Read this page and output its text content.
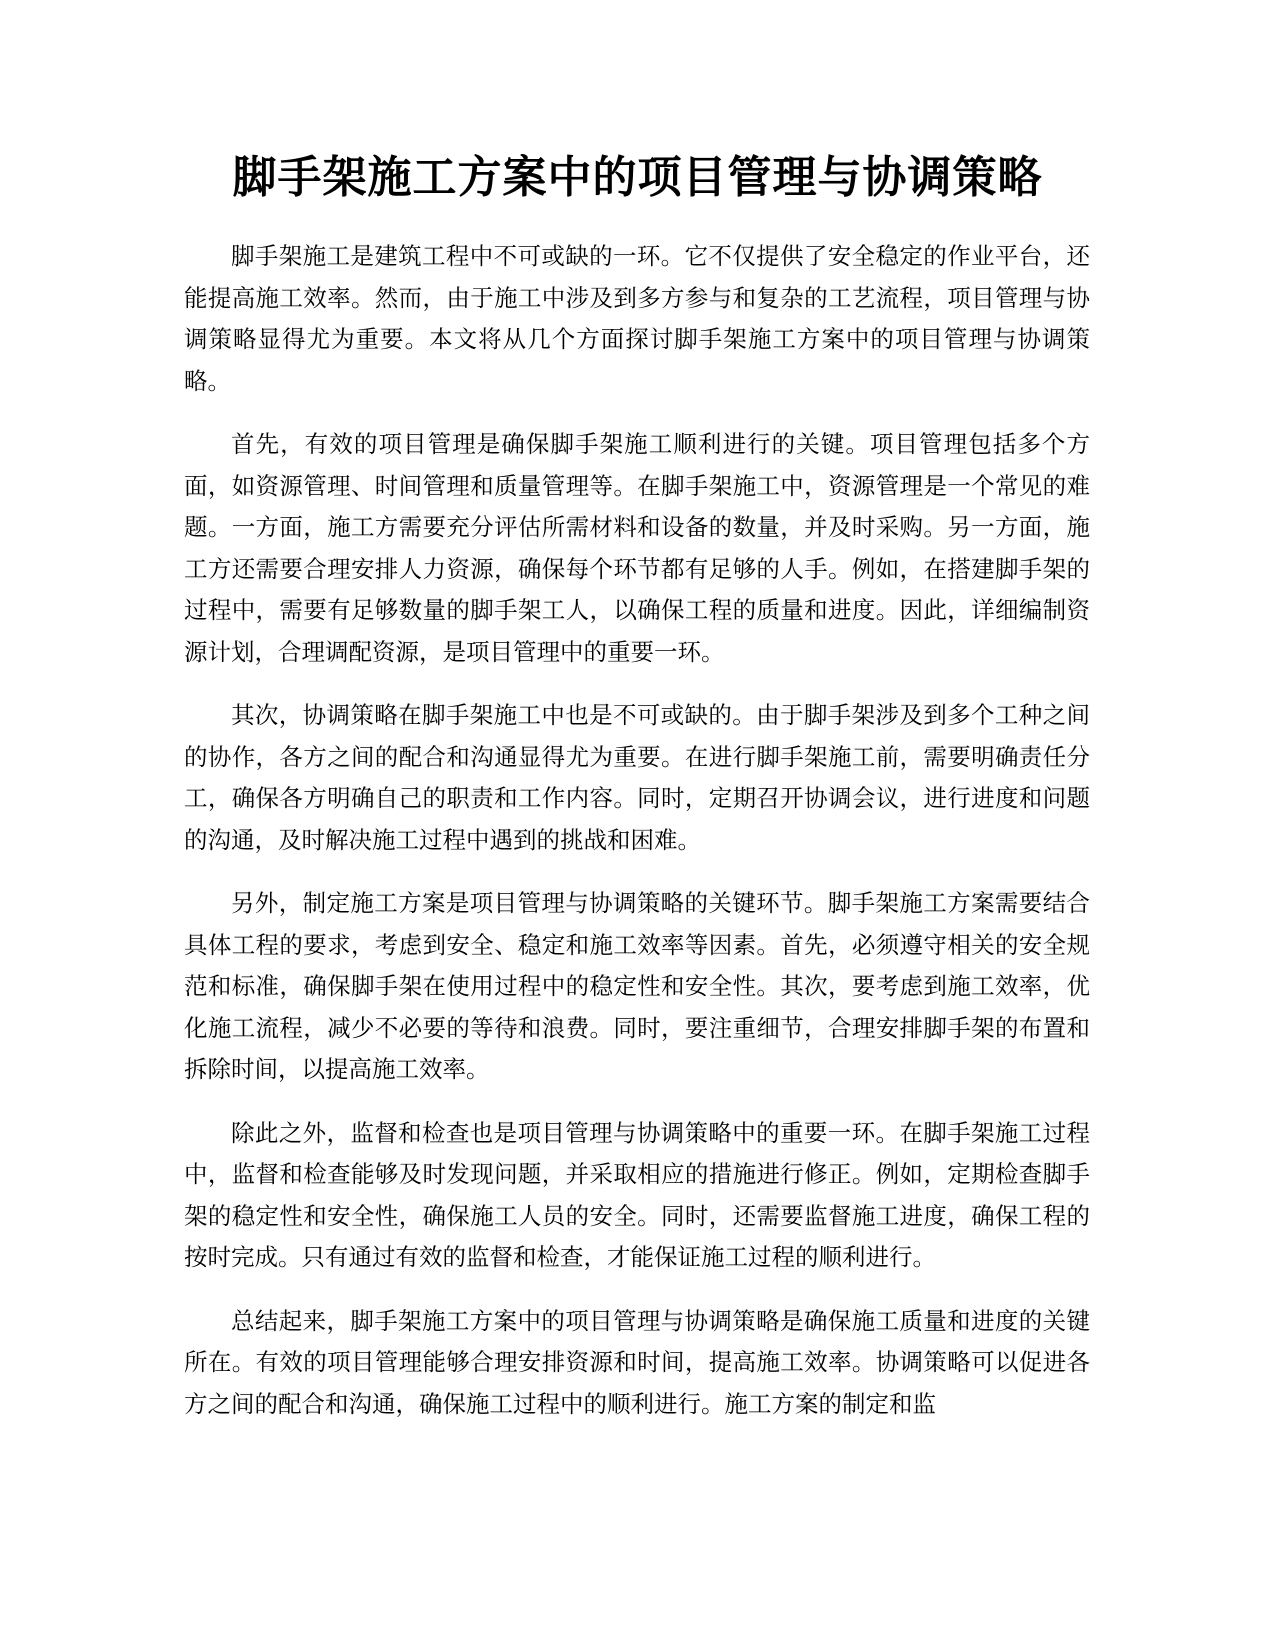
脚手架施工方案中的项目管理与协调策略

脚手架施工是建筑工程中不可或缺的一环。它不仅提供了安全稳定的作业平台，还能提高施工效率。然而，由于施工中涉及到多方参与和复杂的工艺流程，项目管理与协调策略显得尤为重要。本文将从几个方面探讨脚手架施工方案中的项目管理与协调策略。

首先，有效的项目管理是确保脚手架施工顺利进行的关键。项目管理包括多个方面，如资源管理、时间管理和质量管理等。在脚手架施工中，资源管理是一个常见的难题。一方面，施工方需要充分评估所需材料和设备的数量，并及时采购。另一方面，施工方还需要合理安排人力资源，确保每个环节都有足够的人手。例如，在搭建脚手架的过程中，需要有足够数量的脚手架工人，以确保工程的质量和进度。因此，详细编制资源计划，合理调配资源，是项目管理中的重要一环。

其次，协调策略在脚手架施工中也是不可或缺的。由于脚手架涉及到多个工种之间的协作，各方之间的配合和沟通显得尤为重要。在进行脚手架施工前，需要明确责任分工，确保各方明确自己的职责和工作内容。同时，定期召开协调会议，进行进度和问题的沟通，及时解决施工过程中遇到的挑战和困难。

另外，制定施工方案是项目管理与协调策略的关键环节。脚手架施工方案需要结合具体工程的要求，考虑到安全、稳定和施工效率等因素。首先，必须遵守相关的安全规范和标准，确保脚手架在使用过程中的稳定性和安全性。其次，要考虑到施工效率，优化施工流程，减少不必要的等待和浪费。同时，要注重细节，合理安排脚手架的布置和拆除时间，以提高施工效率。

除此之外，监督和检查也是项目管理与协调策略中的重要一环。在脚手架施工过程中，监督和检查能够及时发现问题，并采取相应的措施进行修正。例如，定期检查脚手架的稳定性和安全性，确保施工人员的安全。同时，还需要监督施工进度，确保工程的按时完成。只有通过有效的监督和检查，才能保证施工过程的顺利进行。

总结起来，脚手架施工方案中的项目管理与协调策略是确保施工质量和进度的关键所在。有效的项目管理能够合理安排资源和时间，提高施工效率。协调策略可以促进各方之间的配合和沟通，确保施工过程中的顺利进行。施工方案的制定和监
